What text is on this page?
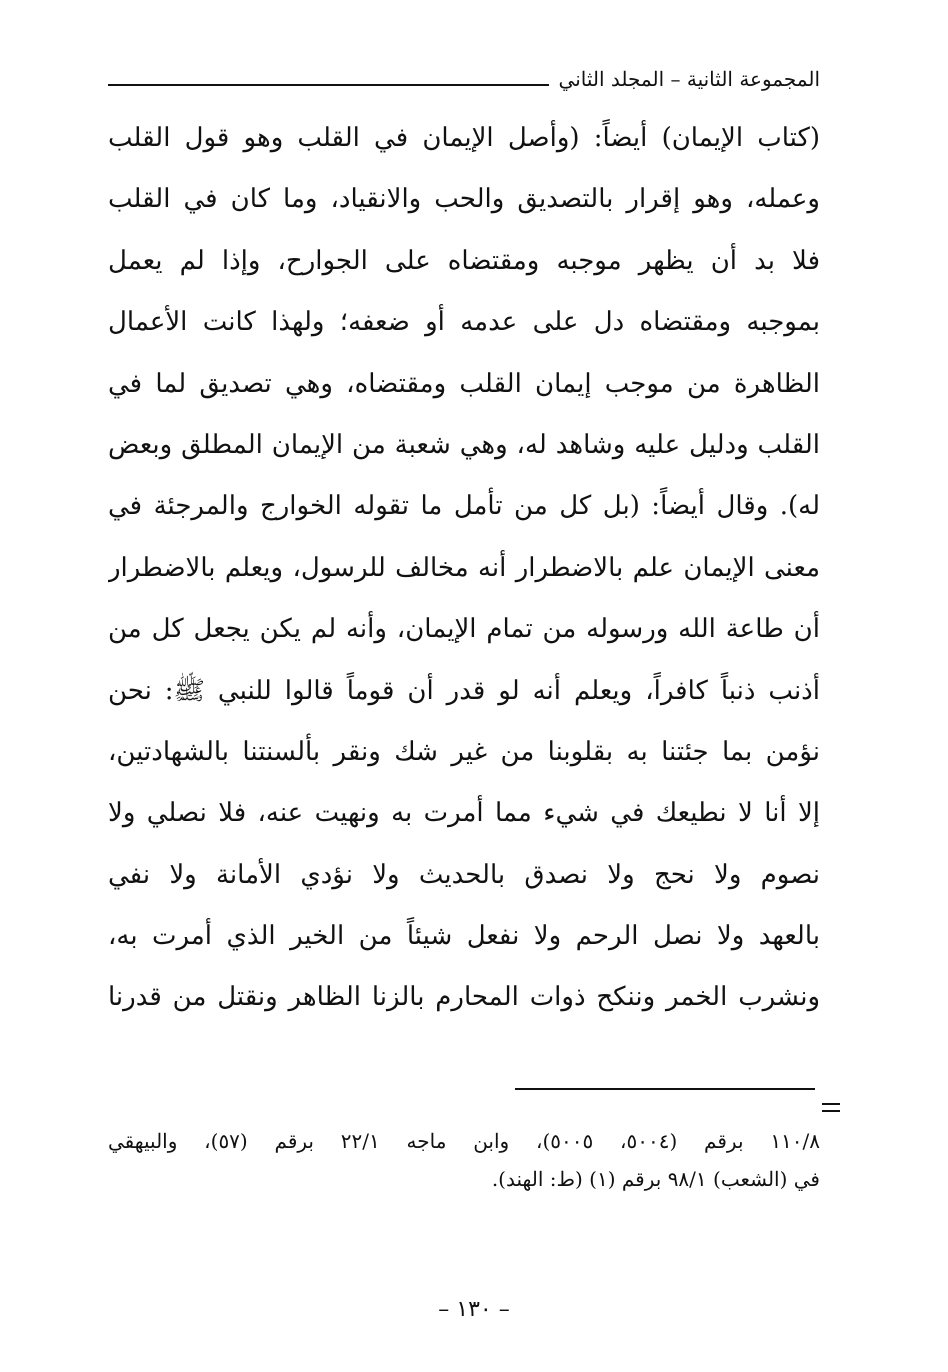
المجموعة الثانية – المجلد الثاني
(كتاب الإيمان) أيضاً: (وأصل الإيمان في القلب وهو قول القلب
وعمله، وهو إقرار بالتصديق والحب والانقياد، وما كان في القلب
فلا بد أن يظهر موجبه ومقتضاه على الجوارح، وإذا لم يعمل
بموجبه ومقتضاه دل على عدمه أو ضعفه؛ ولهذا كانت الأعمال
الظاهرة من موجب إيمان القلب ومقتضاه، وهي تصديق لما في
القلب ودليل عليه وشاهد له، وهي شعبة من الإيمان المطلق وبعض
له). وقال أيضاً: (بل كل من تأمل ما تقوله الخوارج والمرجئة في
معنى الإيمان علم بالاضطرار أنه مخالف للرسول، ويعلم بالاضطرار
أن طاعة الله ورسوله من تمام الإيمان، وأنه لم يكن يجعل كل من
أذنب ذنباً كافراً، ويعلم أنه لو قدر أن قوماً قالوا للنبي ﷺ: نحن
نؤمن بما جئتنا به بقلوبنا من غير شك ونقر بألسنتنا بالشهادتين،
إلا أنا لا نطيعك في شيء مما أمرت به ونهيت عنه، فلا نصلي ولا
نصوم ولا نحج ولا نصدق بالحديث ولا نؤدي الأمانة ولا نفي
بالعهد ولا نصل الرحم ولا نفعل شيئاً من الخير الذي أمرت به،
ونشرب الخمر وننكح ذوات المحارم بالزنا الظاهر ونقتل من قدرنا
١١٠/٨ برقم (٥٠٠٤، ٥٠٠٥)، وابن ماجه ٢٢/١ برقم (٥٧)، والبيهقي
في (الشعب) ٩٨/١ برقم (١) (ط: الهند).
– ١٣٠ –
